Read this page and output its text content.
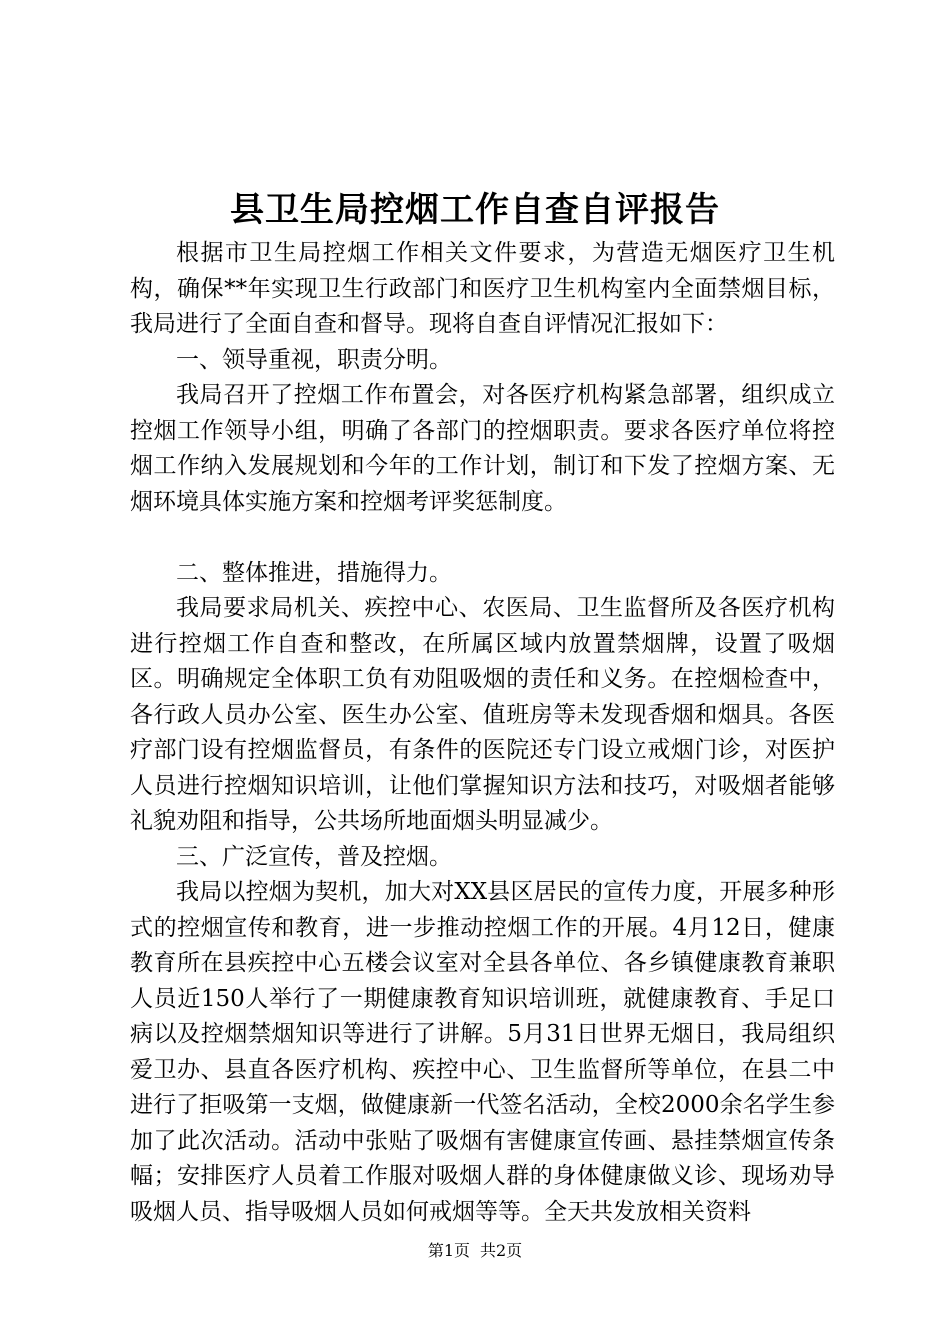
县卫生局控烟工作自查自评报告

根据市卫生局控烟工作相关文件要求，为营造无烟医疗卫生机构，确保**年实现卫生行政部门和医疗卫生机构室内全面禁烟目标，我局进行了全面自查和督导。现将自查自评情况汇报如下：

一、领导重视，职责分明。

我局召开了控烟工作布置会，对各医疗机构紧急部署，组织成立控烟工作领导小组，明确了各部门的控烟职责。要求各医疗单位将控烟工作纳入发展规划和今年的工作计划，制订和下发了控烟方案、无烟环境具体实施方案和控烟考评奖惩制度。

二、整体推进，措施得力。

我局要求局机关、疾控中心、农医局、卫生监督所及各医疗机构进行控烟工作自查和整改，在所属区域内放置禁烟牌，设置了吸烟区。明确规定全体职工负有劝阻吸烟的责任和义务。在控烟检查中，各行政人员办公室、医生办公室、值班房等未发现香烟和烟具。各医疗部门设有控烟监督员，有条件的医院还专门设立戒烟门诊，对医护人员进行控烟知识培训，让他们掌握知识方法和技巧，对吸烟者能够礼貌劝阻和指导，公共场所地面烟头明显减少。

三、广泛宣传，普及控烟。

我局以控烟为契机，加大对XX县区居民的宣传力度，开展多种形式的控烟宣传和教育，进一步推动控烟工作的开展。4月12日，健康教育所在县疾控中心五楼会议室对全县各单位、各乡镇健康教育兼职人员近150人举行了一期健康教育知识培训班，就健康教育、手足口病以及控烟禁烟知识等进行了讲解。5月31日世界无烟日，我局组织爱卫办、县直各医疗机构、疾控中心、卫生监督所等单位，在县二中进行了拒吸第一支烟，做健康新一代签名活动，全校2000余名学生参加了此次活动。活动中张贴了吸烟有害健康宣传画、悬挂禁烟宣传条幅；安排医疗人员着工作服对吸烟人群的身体健康做义诊、现场劝导吸烟人员、指导吸烟人员如何戒烟等等。全天共发放相关资料

第1页 共2页
